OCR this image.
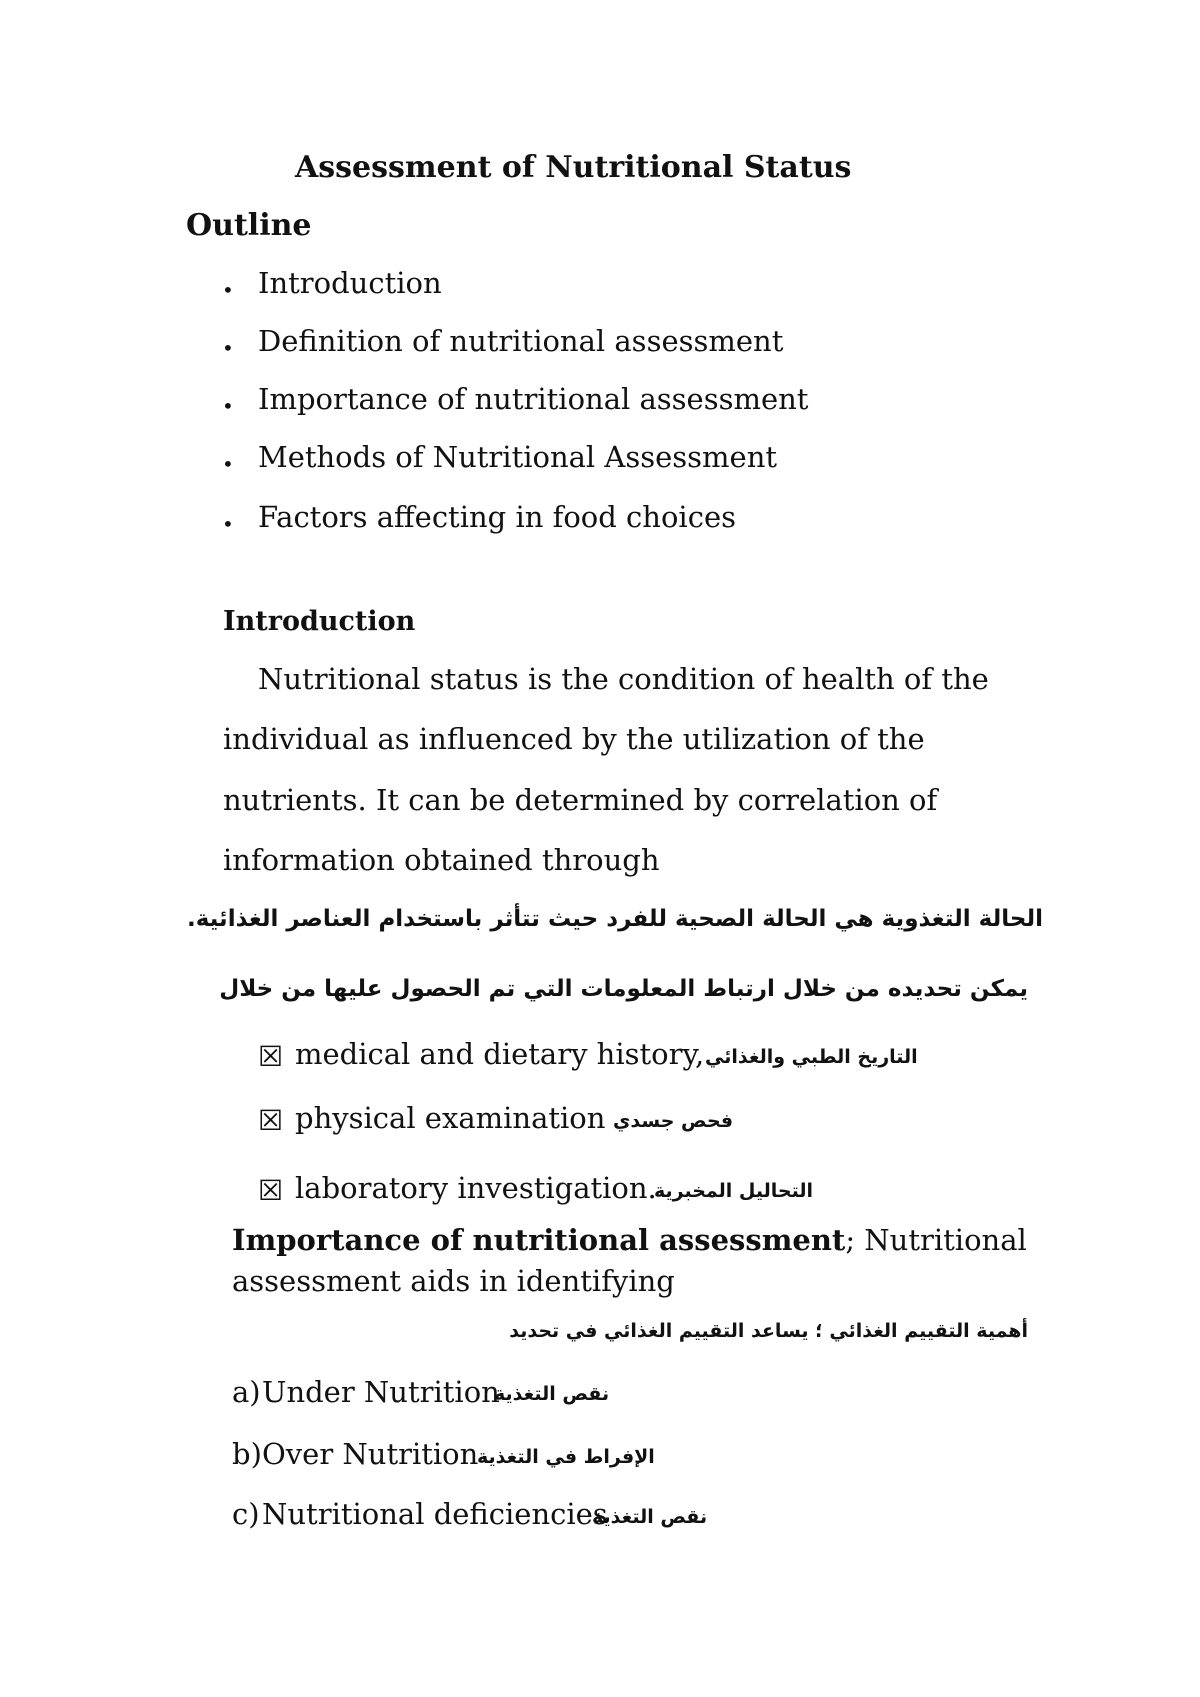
Assessment of Nutritional Status
Outline
• Introduction
• Definition of nutritional assessment
• Importance of nutritional assessment
• Methods of Nutritional Assessment
• Factors affecting in food choices
Introduction
Nutritional status is the condition of health of the
individual as influenced by the utilization of the
nutrients. It can be determined by correlation of
information obtained through
الحالة التغذوية هي الحالة الصحية للفرد حيث تتأثر باستخدام العناصر الغذائية.
يمكن تحديده من خلال ارتباط المعلومات التي تم الحصول عليها من خلال
☒ medical and dietary history, التاريخ الطبي والغذائي
☒ physical examination فحص جسدي
☒ laboratory investigation.
التحاليل المخبرية
Importance of nutritional assessment; Nutritional
assessment aids in identifying
أهمية التقييم الغذائي ؛ يساعد التقييم الغذائي في تحديد
a) Under Nutrition
نقص التغذية
b) Over Nutrition
الإفراط في التغذية
c) Nutritional deficiencies
نقص التغذية
